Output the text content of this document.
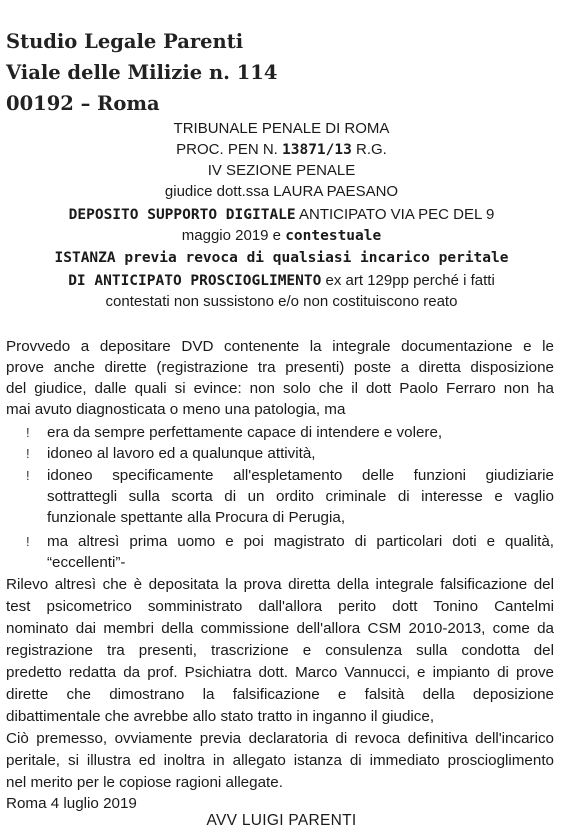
Studio Legale Parenti
Viale delle Milizie n. 114
00192 – Roma
TRIBUNALE PENALE DI ROMA
PROC. PEN N. 13871/13 R.G.
IV SEZIONE PENALE
giudice dott.ssa LAURA PAESANO
DEPOSITO SUPPORTO DIGITALE ANTICIPATO VIA PEC DEL 9
maggio 2019 e contestuale
ISTANZA previa revoca di qualsiasi incarico peritale
DI ANTICIPATO PROSCIOGLIMENTO ex art 129pp perché i fatti
contestati non sussistono e/o non costituiscono reato
Provvedo a depositare DVD contenente la integrale documentazione e le
prove anche dirette (registrazione tra presenti) poste a diretta disposizione
del giudice, dalle quali si evince: non solo che il dott Paolo Ferraro non ha
mai avuto diagnosticata o meno una patologia, ma
! era da sempre perfettamente capace di intendere e volere,
! idoneo al lavoro ed a qualunque attività,
! idoneo specificamente all'espletamento delle funzioni giudiziarie
sottrattegli sulla scorta di un ordito criminale di interesse e vaglio
funzionale spettante alla Procura di Perugia,
! ma altresì prima uomo e poi magistrato di particolari doti e qualità,
“eccellenti”-
Rilevo altresì che è depositata la prova diretta della integrale falsificazione del
test psicometrico somministrato dall'allora perito dott Tonino Cantelmi
nominato dai membri della commissione dell'allora CSM 2010-2013, come da
registrazione tra presenti, trascrizione e consulenza sulla condotta del
predetto redatta da prof. Psichiatra dott. Marco Vannucci, e impianto di prove
dirette che dimostrano la falsificazione e falsità della deposizione
dibattimentale che avrebbe allo stato tratto in inganno il giudice,
Ciò premesso, ovviamente previa declaratoria di revoca definitiva dell'incarico
peritale, si illustra ed inoltra in allegato istanza di immediato proscioglimento
nel merito per le copiose ragioni allegate.
Roma 4 luglio 2019
AVV LUIGI PARENTI
